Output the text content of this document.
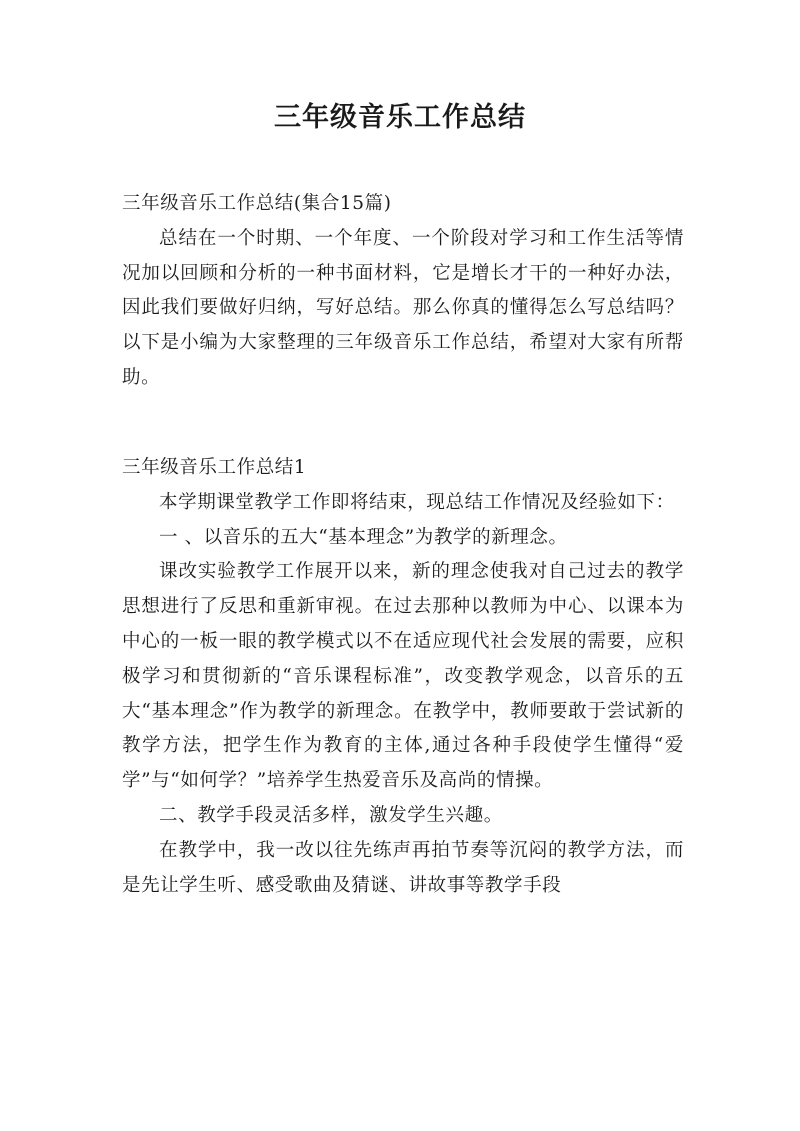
三年级音乐工作总结

三年级音乐工作总结(集合15篇)

总结在一个时期、一个年度、一个阶段对学习和工作生活等情况加以回顾和分析的一种书面材料，它是增长才干的一种好办法，因此我们要做好归纳，写好总结。那么你真的懂得怎么写总结吗？以下是小编为大家整理的三年级音乐工作总结，希望对大家有所帮助。

三年级音乐工作总结1

本学期课堂教学工作即将结束，现总结工作情况及经验如下：

一 、以音乐的五大“基本理念”为教学的新理念。

课改实验教学工作展开以来，新的理念使我对自己过去的教学思想进行了反思和重新审视。在过去那种以教师为中心、以课本为中心的一板一眼的教学模式以不在适应现代社会发展的需要，应积极学习和贯彻新的“音乐课程标准”，改变教学观念，以音乐的五大“基本理念”作为教学的新理念。在教学中，教师要敢于尝试新的教学方法，把学生作为教育的主体,通过各种手段使学生懂得“爱学”与“如何学？”培养学生热爱音乐及高尚的情操。

二、教学手段灵活多样，激发学生兴趣。

在教学中，我一改以往先练声再拍节奏等沉闷的教学方法，而是先让学生听、感受歌曲及猜谜、讲故事等教学手段
